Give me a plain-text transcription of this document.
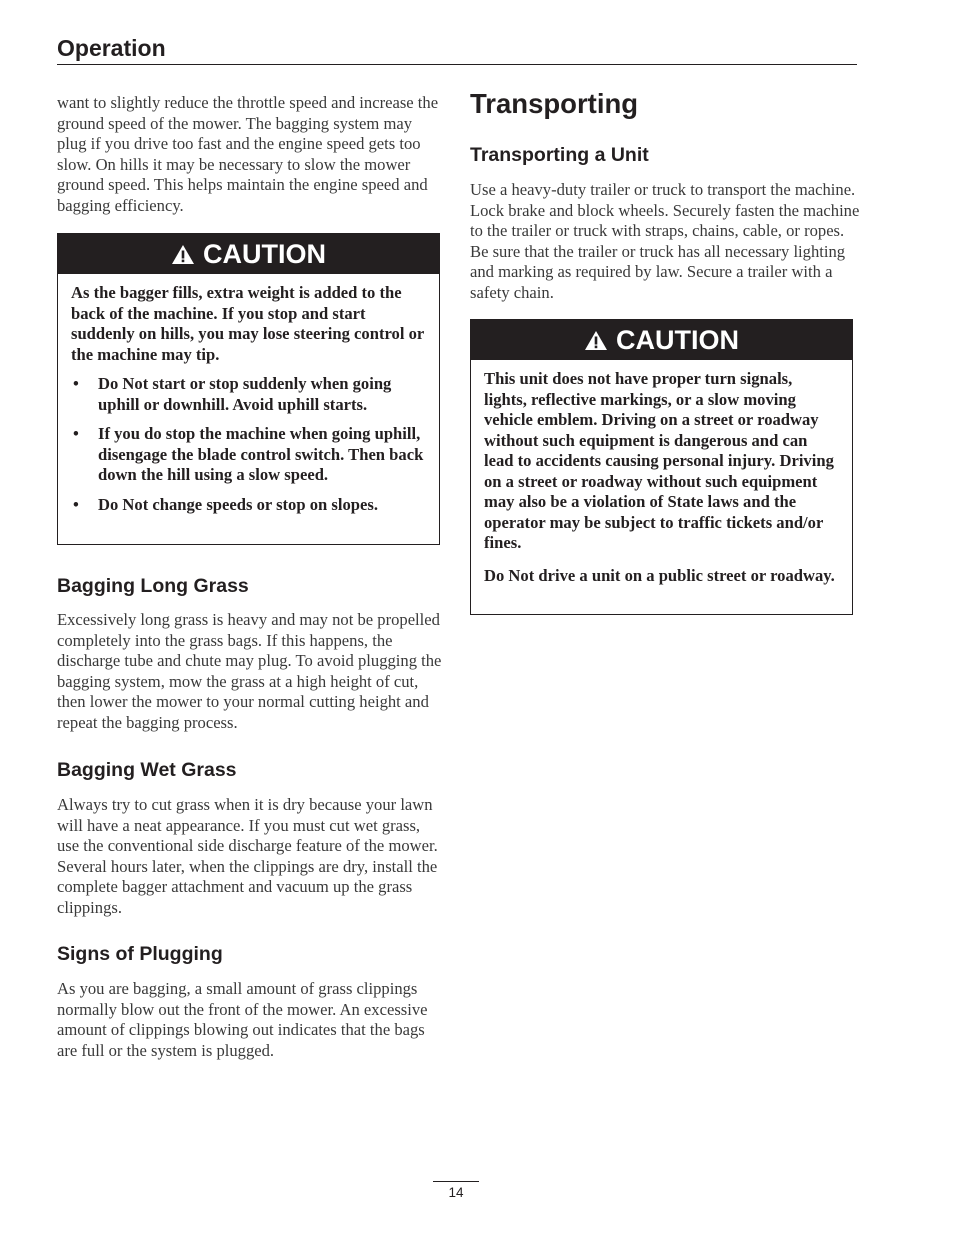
Operation

want to slightly reduce the throttle speed and increase the ground speed of the mower. The bagging system may plug if you drive too fast and the engine speed gets too slow. On hills it may be necessary to slow the mower ground speed. This helps maintain the engine speed and bagging efficiency.

CAUTION

As the bagger fills, extra weight is added to the back of the machine. If you stop and start suddenly on hills, you may lose steering control or the machine may tip.

• Do Not start or stop suddenly when going uphill or downhill. Avoid uphill starts.
• If you do stop the machine when going uphill, disengage the blade control switch. Then back down the hill using a slow speed.
• Do Not change speeds or stop on slopes.
Bagging Long Grass

Excessively long grass is heavy and may not be propelled completely into the grass bags. If this happens, the discharge tube and chute may plug. To avoid plugging the bagging system, mow the grass at a high height of cut, then lower the mower to your normal cutting height and repeat the bagging process.

Bagging Wet Grass

Always try to cut grass when it is dry because your lawn will have a neat appearance. If you must cut wet grass, use the conventional side discharge feature of the mower. Several hours later, when the clippings are dry, install the complete bagger attachment and vacuum up the grass clippings.

Signs of Plugging

As you are bagging, a small amount of grass clippings normally blow out the front of the mower. An excessive amount of clippings blowing out indicates that the bags are full or the system is plugged.

Transporting
Transporting a Unit

Use a heavy-duty trailer or truck to transport the machine. Lock brake and block wheels. Securely fasten the machine to the trailer or truck with straps, chains, cable, or ropes. Be sure that the trailer or truck has all necessary lighting and marking as required by law. Secure a trailer with a safety chain.

CAUTION

This unit does not have proper turn signals, lights, reflective markings, or a slow moving vehicle emblem. Driving on a street or roadway without such equipment is dangerous and can lead to accidents causing personal injury. Driving on a street or roadway without such equipment may also be a violation of State laws and the operator may be subject to traffic tickets and/or fines.

Do Not drive a unit on a public street or roadway.

14
